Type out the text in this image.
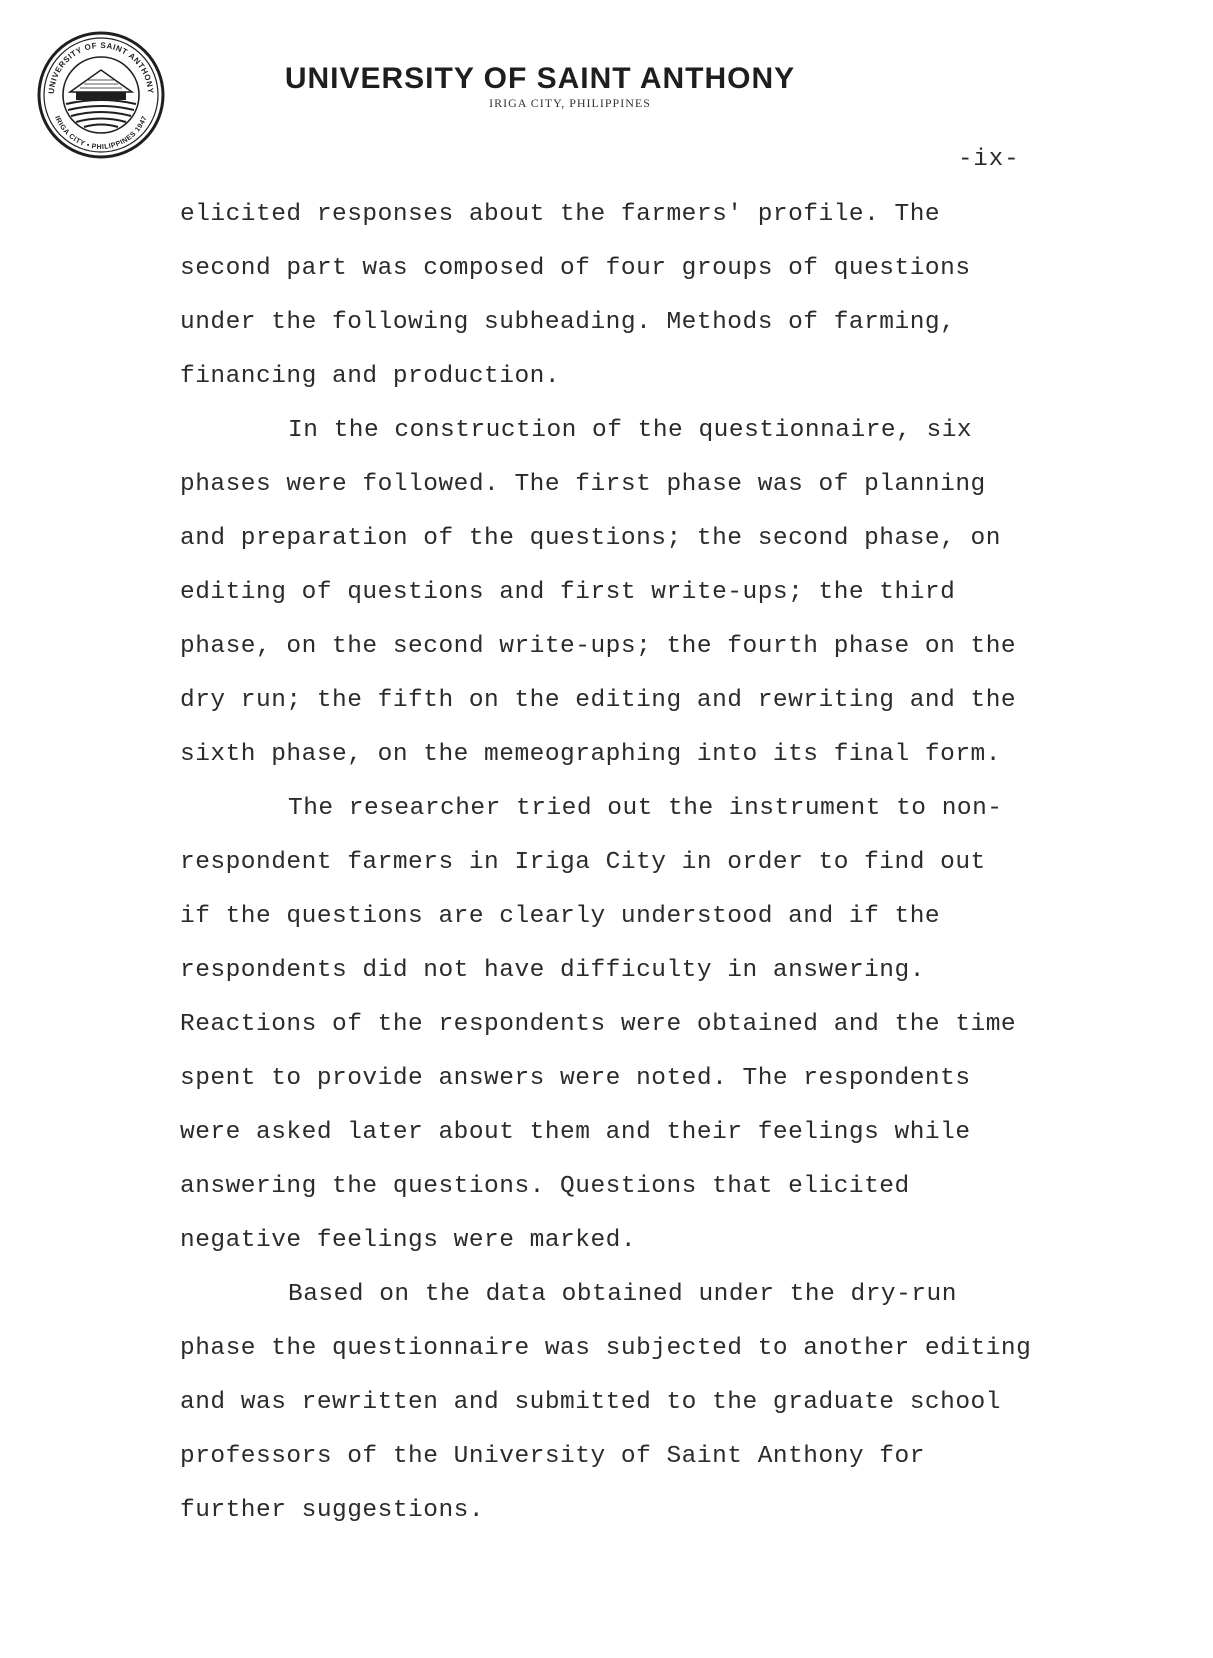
UNIVERSITY OF SAINT ANTHONY
IRIGA CITY • PHILIPPINES 1947
UNIVERSITY OF SAINT ANTHONY
IRIGA CITY, PHILIPPINES
-ix-
elicited responses about the farmers' profile. The
second part was composed of four groups of questions
under the following subheading. Methods of farming,
financing and production.
In the construction of the questionnaire, six
phases were followed. The first phase was of planning
and preparation of the questions; the second phase, on
editing of questions and first write-ups; the third
phase, on the second write-ups; the fourth phase on the
dry run; the fifth on the editing and rewriting and the
sixth phase, on the memeographing into its final form.
The researcher tried out the instrument to non-
respondent farmers in Iriga City in order to find out
if the questions are clearly understood and if the
respondents did not have difficulty in answering.
Reactions of the respondents were obtained and the time
spent to provide answers were noted. The respondents
were asked later about them and their feelings while
answering the questions. Questions that elicited
negative feelings were marked.
Based on the data obtained under the dry-run
phase the questionnaire was subjected to another editing
and was rewritten and submitted to the graduate school
professors of the University of Saint Anthony for
further suggestions.
